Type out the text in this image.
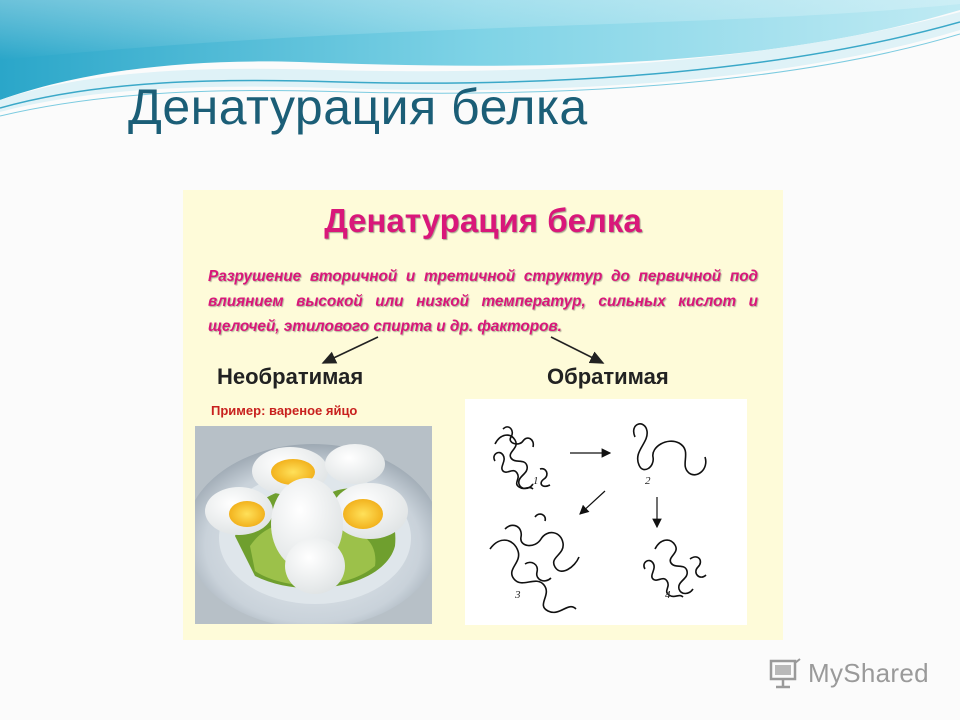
Денатурация белка
Денатурация белка
Разрушение вторичной и третичной структур до первичной под влиянием высокой или низкой температур, сильных кислот и щелочей, этилового спирта и др. факторов.
Необратимая	Обратимая
Пример: вареное яйцо
1	2
3	4
MyShared
